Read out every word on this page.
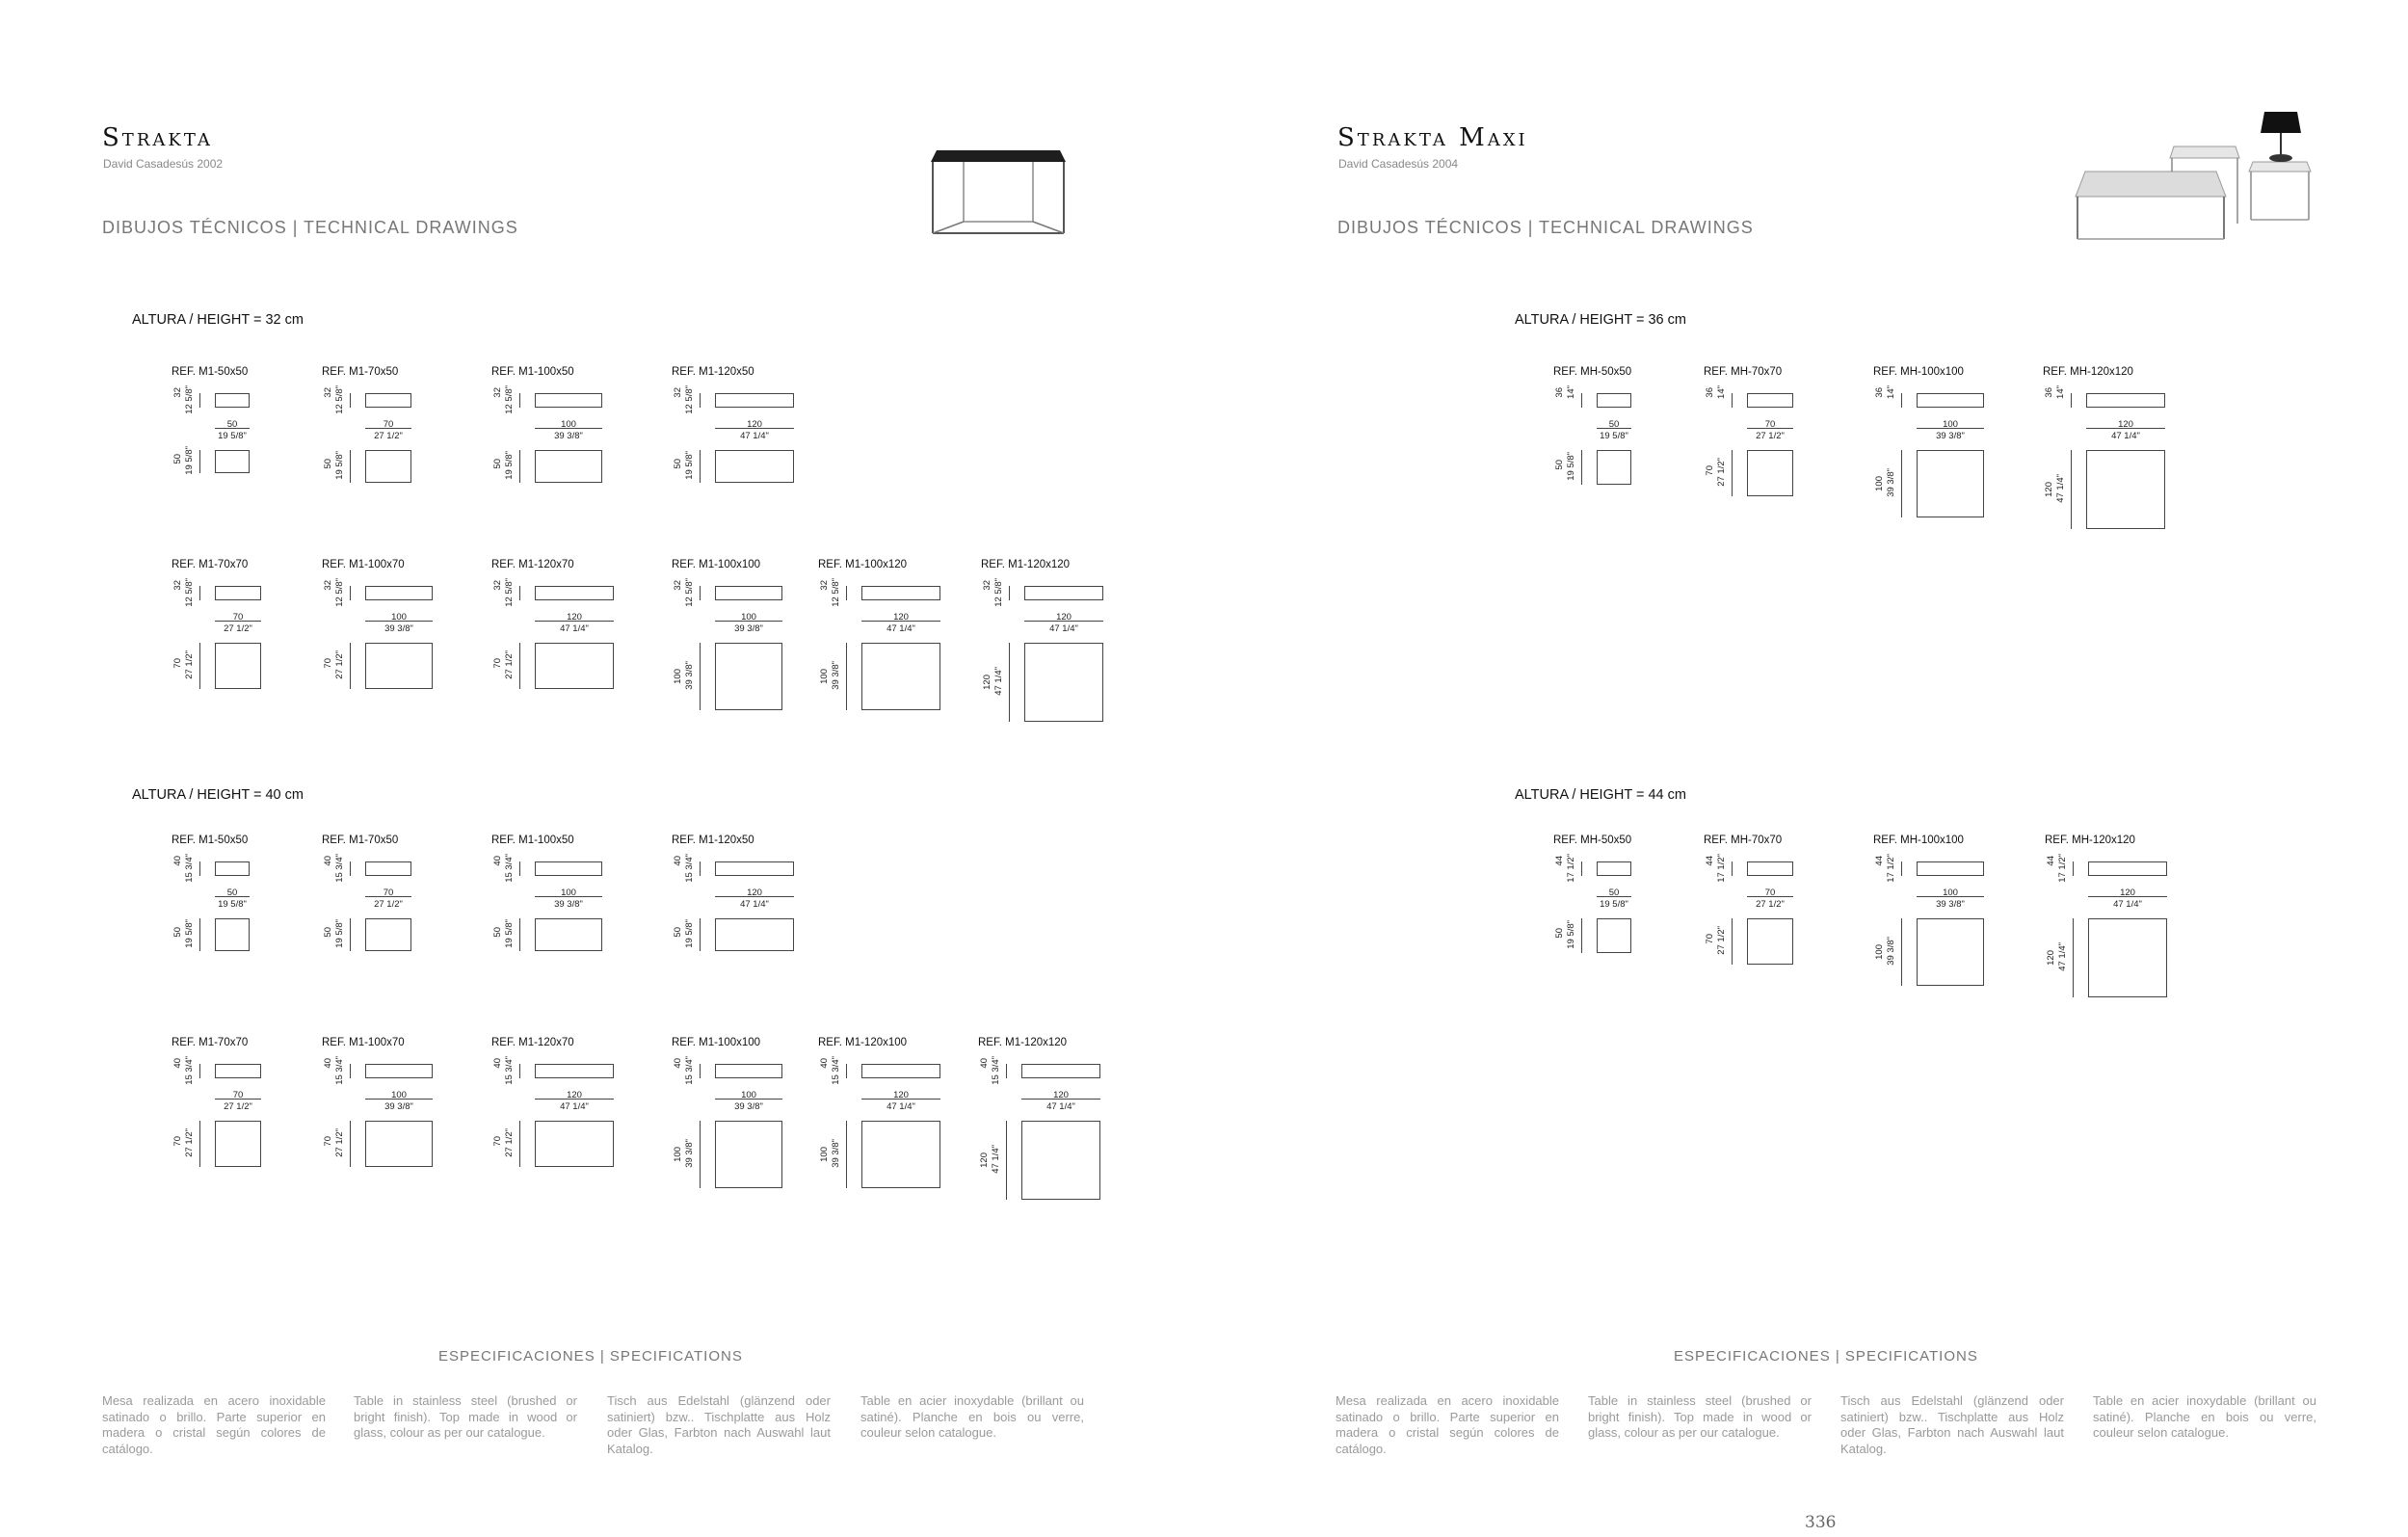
Strakta
David Casadesús 2002
DIBUJOS TÉCNICOS | TECHNICAL DRAWINGS
ALTURA / HEIGHT = 32 cm
REF. M1-50x50
32 12 5/8"
50
19 5/8"
50 19 5/8"
REF. M1-70x50
32 12 5/8"
70
27 1/2"
50 19 5/8"
REF. M1-100x50
32 12 5/8"
100
39 3/8"
50 19 5/8"
REF. M1-120x50
32 12 5/8"
120
47 1/4"
50 19 5/8"
REF. M1-70x70
32 12 5/8"
70
27 1/2"
70 27 1/2"
REF. M1-100x70
32 12 5/8"
100
39 3/8"
70 27 1/2"
REF. M1-120x70
32 12 5/8"
120
47 1/4"
70 27 1/2"
REF. M1-100x100
32 12 5/8"
100
39 3/8"
100 39 3/8"
REF. M1-100x120
32 12 5/8"
120
47 1/4"
100 39 3/8"
REF. M1-120x120
32 12 5/8"
120
47 1/4"
120 47 1/4"
ALTURA / HEIGHT = 40 cm
REF. M1-50x50
40 15 3/4"
50
19 5/8"
50 19 5/8"
REF. M1-70x50
40 15 3/4"
70
27 1/2"
50 19 5/8"
REF. M1-100x50
40 15 3/4"
100
39 3/8"
50 19 5/8"
REF. M1-120x50
40 15 3/4"
120
47 1/4"
50 19 5/8"
REF. M1-70x70
40 15 3/4"
70
27 1/2"
70 27 1/2"
REF. M1-100x70
40 15 3/4"
100
39 3/8"
70 27 1/2"
REF. M1-120x70
40 15 3/4"
120
47 1/4"
70 27 1/2"
REF. M1-100x100
40 15 3/4"
100
39 3/8"
100 39 3/8"
REF. M1-120x100
40 15 3/4"
120
47 1/4"
100 39 3/8"
REF. M1-120x120
40 15 3/4"
120
47 1/4"
120 47 1/4"
ESPECIFICACIONES | SPECIFICATIONS

Mesa realizada en acero inoxidable satinado o brillo. Parte superior en madera o cristal según colores de catálogo.

Table in stainless steel (brushed or bright finish). Top made in wood or glass, colour as per our catalogue.

Tisch aus Edelstahl (glänzend oder satiniert) bzw.. Tischplatte aus Holz oder Glas, Farbton nach Auswahl laut Katalog.

Table en acier inoxydable (brillant ou satiné). Planche en bois ou verre, couleur selon catalogue.

Strakta Maxi
David Casadesús 2004
DIBUJOS TÉCNICOS | TECHNICAL DRAWINGS
ALTURA / HEIGHT = 36 cm
REF. MH-50x50
36 14"
50
19 5/8"
50 19 5/8"
REF. MH-70x70
36 14"
70
27 1/2"
70 27 1/2"
REF. MH-100x100
36 14"
100
39 3/8"
100 39 3/8"
REF. MH-120x120
36 14"
120
47 1/4"
120 47 1/4"
ALTURA / HEIGHT = 44 cm
REF. MH-50x50
44 17 1/2"
50
19 5/8"
50 19 5/8"
REF. MH-70x70
44 17 1/2"
70
27 1/2"
70 27 1/2"
REF. MH-100x100
44 17 1/2"
100
39 3/8"
100 39 3/8"
REF. MH-120x120
44 17 1/2"
120
47 1/4"
120 47 1/4"
ESPECIFICACIONES | SPECIFICATIONS

Mesa realizada en acero inoxidable satinado o brillo. Parte superior en madera o cristal según colores de catálogo.

Table in stainless steel (brushed or bright finish). Top made in wood or glass, colour as per our catalogue.

Tisch aus Edelstahl (glänzend oder satiniert) bzw.. Tischplatte aus Holz oder Glas, Farbton nach Auswahl laut Katalog.

Table en acier inoxydable (brillant ou satiné). Planche en bois ou verre, couleur selon catalogue.

336
